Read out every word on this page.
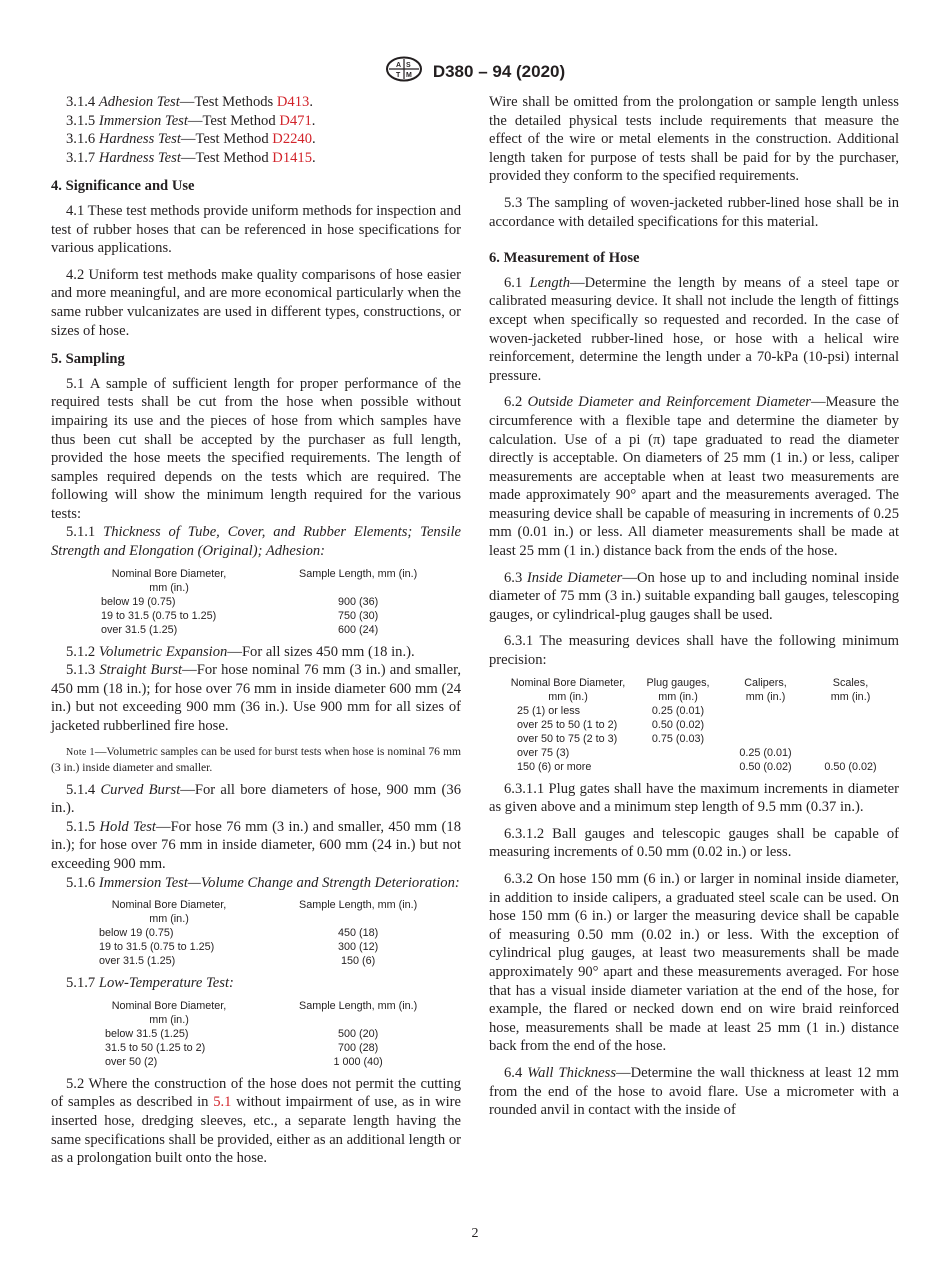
A S
T M D380 – 94 (2020)

3.1.4 Adhesion Test—Test Methods D413.

3.1.5 Immersion Test—Test Method D471.

3.1.6 Hardness Test—Test Method D2240.

3.1.7 Hardness Test—Test Method D1415.

4. Significance and Use

4.1 These test methods provide uniform methods for inspection and test of rubber hoses that can be referenced in hose specifications for various applications.

4.2 Uniform test methods make quality comparisons of hose easier and more meaningful, and are more economical particularly when the same rubber vulcanizates are used in different types, constructions, or sizes of hose.

5. Sampling

5.1 A sample of sufficient length for proper performance of the required tests shall be cut from the hose when possible without impairing its use and the pieces of hose from which samples have thus been cut shall be accepted by the purchaser as full length, provided the hose meets the specified requirements. The length of samples required depends on the tests which are required. The following will show the minimum length required for the various tests:

5.1.1 Thickness of Tube, Cover, and Rubber Elements; Tensile Strength and Elongation (Original); Adhesion:

Nominal Bore Diameter,
mm (in.)		Sample Length, mm (in.)
below 19 (0.75)		900 (36)
19 to 31.5 (0.75 to 1.25)		750 (30)
over 31.5 (1.25)		600 (24)

5.1.2 Volumetric Expansion—For all sizes 450 mm (18 in.).

5.1.3 Straight Burst—For hose nominal 76 mm (3 in.) and smaller, 450 mm (18 in.); for hose over 76 mm in inside diameter 600 mm (24 in.) but not exceeding 900 mm (36 in.). Use 900 mm for all sizes of jacketed rubberlined fire hose.

Note 1—Volumetric samples can be used for burst tests when hose is nominal 76 mm (3 in.) inside diameter and smaller.

5.1.4 Curved Burst—For all bore diameters of hose, 900 mm (36 in.).

5.1.5 Hold Test—For hose 76 mm (3 in.) and smaller, 450 mm (18 in.); for hose over 76 mm in inside diameter, 600 mm (24 in.) but not exceeding 900 mm.

5.1.6 Immersion Test—Volume Change and Strength Deterioration:

Nominal Bore Diameter,
mm (in.)		Sample Length, mm (in.)
below 19 (0.75)		450 (18)
19 to 31.5 (0.75 to 1.25)		300 (12)
over 31.5 (1.25)		150 (6)

5.1.7 Low-Temperature Test:

Nominal Bore Diameter,
mm (in.)		Sample Length, mm (in.)
below 31.5 (1.25)		500 (20)
31.5 to 50 (1.25 to 2)		700 (28)
over 50 (2)		1 000 (40)

5.2 Where the construction of the hose does not permit the cutting of samples as described in 5.1 without impairment of use, as in wire inserted hose, dredging sleeves, etc., a separate length having the same specifications shall be provided, either as an additional length or as a prolongation built onto the hose.

Wire shall be omitted from the prolongation or sample length unless the detailed physical tests include requirements that measure the effect of the wire or metal elements in the construction. Additional length taken for purpose of tests shall be paid for by the purchaser, provided they conform to the specified requirements.

5.3 The sampling of woven-jacketed rubber-lined hose shall be in accordance with detailed specifications for this material.

6. Measurement of Hose

6.1 Length—Determine the length by means of a steel tape or calibrated measuring device. It shall not include the length of fittings except when specifically so requested and recorded. In the case of woven-jacketed rubber-lined hose, or hose with a helical wire reinforcement, determine the length under a 70-kPa (10-psi) internal pressure.

6.2 Outside Diameter and Reinforcement Diameter—Measure the circumference with a flexible tape and determine the diameter by calculation. Use of a pi (π) tape graduated to read the diameter directly is acceptable. On diameters of 25 mm (1 in.) or less, caliper measurements are acceptable when at least two measurements are made approximately 90° apart and the measurements averaged. The measuring device shall be capable of measuring in increments of 0.25 mm (0.01 in.) or less. All diameter measurements shall be made at least 25 mm (1 in.) distance back from the ends of the hose.

6.3 Inside Diameter—On hose up to and including nominal inside diameter of 75 mm (3 in.) suitable expanding ball gauges, telescoping gauges, or cylindrical-plug gauges shall be used.

6.3.1 The measuring devices shall have the following minimum precision:

Nominal Bore Diameter,
mm (in.)	Plug gauges,
mm (in.)	Calipers,
mm (in.)	Scales,
mm (in.)
25 (1) or less	0.25 (0.01)		
over 25 to 50 (1 to 2)	0.50 (0.02)		
over 50 to 75 (2 to 3)	0.75 (0.03)		
over 75 (3)		0.25 (0.01)	
150 (6) or more		0.50 (0.02)	0.50 (0.02)

6.3.1.1 Plug gates shall have the maximum increments in diameter as given above and a minimum step length of 9.5 mm (0.37 in.).

6.3.1.2 Ball gauges and telescopic gauges shall be capable of measuring increments of 0.50 mm (0.02 in.) or less.

6.3.2 On hose 150 mm (6 in.) or larger in nominal inside diameter, in addition to inside calipers, a graduated steel scale can be used. On hose 150 mm (6 in.) or larger the measuring device shall be capable of measuring 0.50 mm (0.02 in.) or less. With the exception of cylindrical plug gauges, at least two measurements shall be made approximately 90° apart and these measurements averaged. For hose that has a visual inside diameter variation at the end of the hose, for example, the flared or necked down end on wire braid reinforced hose, measurements shall be made at least 25 mm (1 in.) distance back from the end of the hose.

6.4 Wall Thickness—Determine the wall thickness at least 12 mm from the end of the hose to avoid flare. Use a micrometer with a rounded anvil in contact with the inside of

2
